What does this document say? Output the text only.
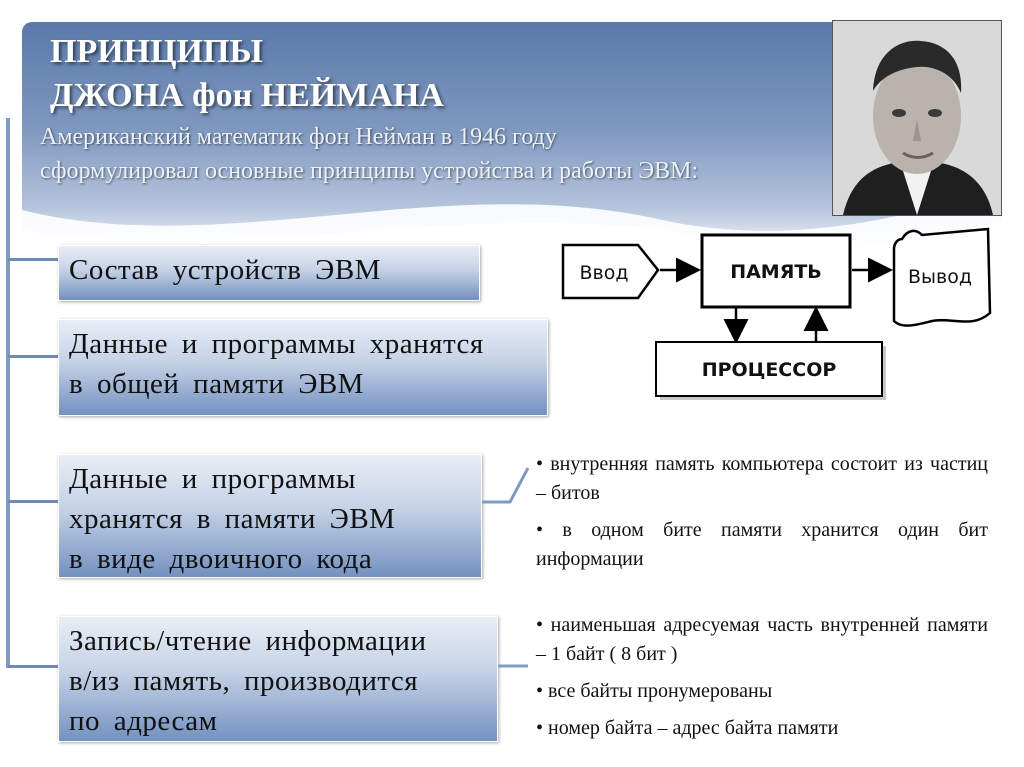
ПРИНЦИПЫ
ДЖОНА фон НЕЙМАНА
Американский математик фон Нейман в 1946 году
сформулировал основные принципы устройства и работы ЭВМ:
Состав устройств ЭВМ
Данные и программы хранятся
в общей памяти ЭВМ
Данные и программы
хранятся в памяти ЭВМ
в виде двоичного кода
Запись/чтение информации
в/из память, производится
по адресам
Ввод	ПАМЯТЬ	Вывод
ПРОЦЕССОР
• внутренняя память компьютера состоит из частиц – битов
• в одном бите памяти хранится один бит информации
• наименьшая адресуемая часть внутренней памяти – 1 байт ( 8 бит )
• все байты пронумерованы
• номер байта – адрес байта памяти
